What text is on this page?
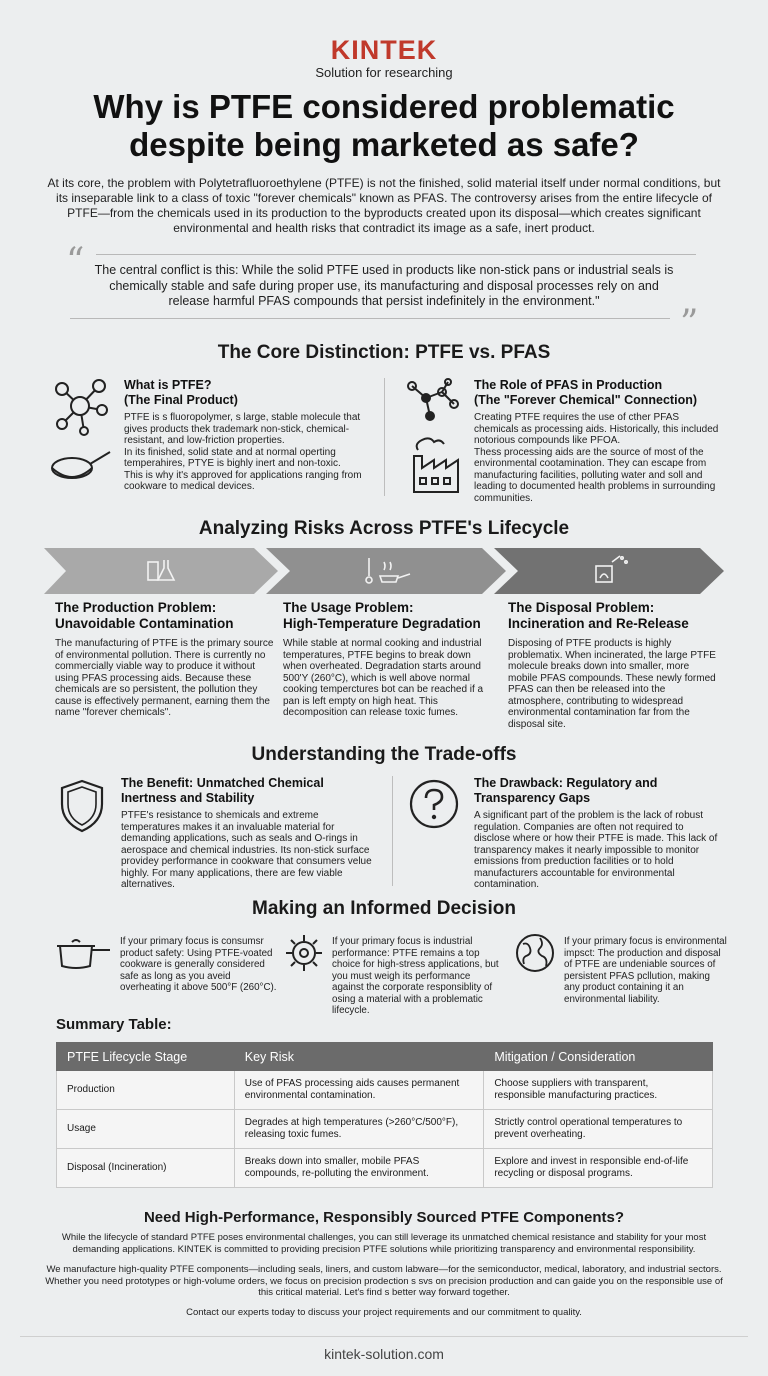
KINTEK
Solution for researching
Why is PTFE considered problematic despite being marketed as safe?
At its core, the problem with Polytetrafluoroethylene (PTFE) is not the finished, solid material itself under normal conditions, but its inseparable link to a class of toxic "forever chemicals" known as PFAS. The controversy arises from the entire lifecycle of PTFE—from the chemicals used in its production to the byproducts created upon its disposal—which creates significant environmental and health risks that contradict its image as a safe, inert product.
“ The central conflict is this: While the solid PTFE used in products like non-stick pans or industrial seals is chemically stable and safe during proper use, its manufacturing and disposal processes rely on and release harmful PFAS compounds that persist indefinitely in the environment."
”
The Core Distinction: PTFE vs. PFAS
What is PTFE?
(The Final Product)
PTFE is s fluoropolymer, s large, stable molecule that gives products thek trademark non-stick, chemical-resistant, and low-friction properties.
In its finished, solid state and at normal operting temperahires, PTYE is bighly inert and non-toxic.
This is why it's approved for applications ranging from cookware to medical devices.
The Role of PFAS in Production
(The "Forever Chemical" Connection)
Creating PTFE requires the use of cther PFAS chemicals as processing aids. Historically, this included notorious compounds like PFOA.
Thess processing aids are the source of most of the environmental cootamination. They can escape from manufacturing facilities, polluting water and soll and leading to documented health problems in surrounding communities.
Analyzing Risks Across PTFE's Lifecycle
The Production Problem:
Unavoidable Contamination
The manufacturing of PTFE is the primary source of environmental pollution. There is currently no commercially viable way to produce it without using PFAS processing aids. Because these chemicals are so persistent, the pollution they cause is effectively permanent, earning them the name "forever chemicals".
The Usage Problem:
High-Temperature Degradation
While stable at normal cooking and industrial temperatures, PTFE begins to break down when overheated. Degradation starts around 500'Y (260°C), which is well above normal cooking temperctures bot can be reached if a pan is left empty on high heat. This decomposition can release toxic fumes.
The Disposal Problem:
Incineration and Re-Release
Disposing of PTFE products is highly problematix. When incinerated, the large PTFE molecule breaks down into smaller, more mobile PFAS compounds. These newly formed PFAS can then be released into the atmosphere, contributing to widespread environmental contamination far from the disposal site.
Understanding the Trade-offs
The Benefit: Unmatched Chemical Inertness and Stability
PTFE's resistance to shemicals and extreme temperatures makes it an invaluable material for demanding applications, such as seals and O-rings in aerospace and chemical industries. Its non-stick surface providey performance in cookware that consumers velue highly. For many applications, there are few viable alternatives.
The Drawback: Regulatory and Transparency Gaps
A significant part of the problem is the lack of robust regulation. Companies are often not required to disclose where or how their PTFE is made. This lack of transparency makes it nearly impossible to monitor emissions from preduction facilities or to hold manufacturers accountable for environmental contamination.
Making an Informed Decision
If your primary focus is consumsr product safety: Using PTFE-voated cookware is generally considered safe as long as you aveid overheating it above 500°F (260°C).
If your primary focus is industrial performance: PTFE remains a top choice for high-stress applications, but you must weigh its performance against the corporate responsiblity of osing a material with a problematic lifecycle.
If your primary focus is environmental impsct: The production and disposal of PTFE are undeniable sources of persistent PFAS pcllution, making any product containing it an environmental liability.
Summary Table:
PTFE Lifecycle Stage	Key Risk	Mitigation / Consideration
Production	Use of PFAS processing aids causes permanent environmental contamination.	Choose suppliers with transparent, responsible manufacturing practices.
Usage	Degrades at high temperatures (>260°C/500°F), releasing toxic fumes.	Strictly control operational temperatures to prevent overheating.
Disposal (Incineration)	Breaks down into smaller, mobile PFAS compounds, re-polluting the environment.	Explore and invest in responsible end-of-life recycling or disposal programs.
Need High-Performance, Responsibly Sourced PTFE Components?
While the lifecycle of standard PTFE poses environmental challenges, you can still leverage its unmatched chemical resistance and stability for your most demanding applications. KINTEK is committed to providing precision PTFE solutions while prioritizing transparency and environmental responsibility.
We manufacture high-quality PTFE components—including seals, liners, and custom labware—for the semiconductor, medical, laboratory, and industrial sectors. Whether you need prototypes or high-volume orders, we focus on precision prodection s svs on precision production and can gaide you on the responsible use of this critical material. Let's find s better way forward together.
Contact our experts today to discuss your project requirements and our commitment to quality.
kintek-solution.com
